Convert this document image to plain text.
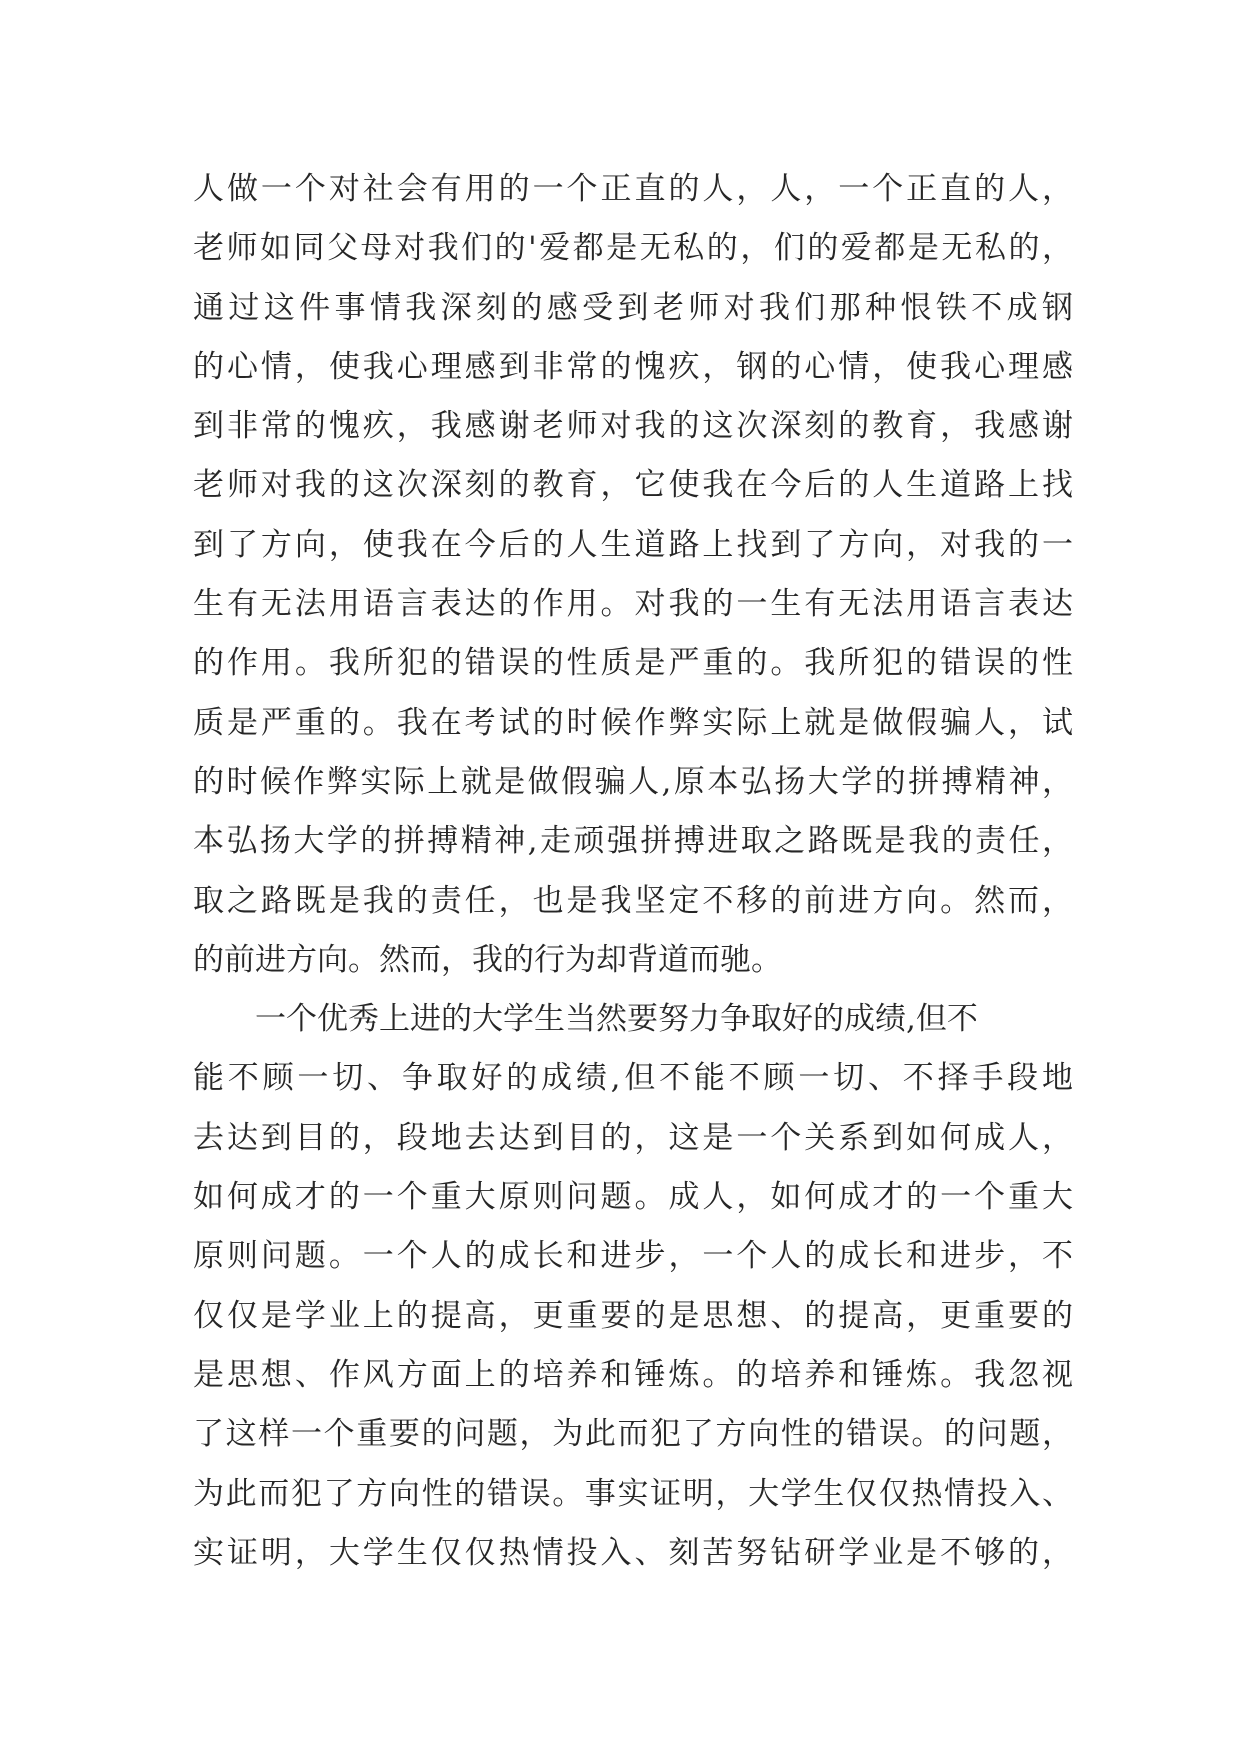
人做一个对社会有用的一个正直的人，人，一个正直的人，
老师如同父母对我们的'爱都是无私的，们的爱都是无私的，
通过这件事情我深刻的感受到老师对我们那种恨铁不成钢
的心情，使我心理感到非常的愧疚，钢的心情，使我心理感
到非常的愧疚，我感谢老师对我的这次深刻的教育，我感谢
老师对我的这次深刻的教育，它使我在今后的人生道路上找
到了方向，使我在今后的人生道路上找到了方向，对我的一
生有无法用语言表达的作用。对我的一生有无法用语言表达
的作用。我所犯的错误的性质是严重的。我所犯的错误的性
质是严重的。我在考试的时候作弊实际上就是做假骗人，试
的时候作弊实际上就是做假骗人,原本弘扬大学的拼搏精神，
本弘扬大学的拼搏精神,走顽强拼搏进取之路既是我的责任，
取之路既是我的责任，也是我坚定不移的前进方向。然而，
的前进方向。然而，我的行为却背道而驰。
一个优秀上进的大学生当然要努力争取好的成绩,但不
能不顾一切、争取好的成绩,但不能不顾一切、不择手段地
去达到目的，段地去达到目的，这是一个关系到如何成人，
如何成才的一个重大原则问题。成人，如何成才的一个重大
原则问题。一个人的成长和进步，一个人的成长和进步，不
仅仅是学业上的提高，更重要的是思想、的提高，更重要的
是思想、作风方面上的培养和锤炼。的培养和锤炼。我忽视
了这样一个重要的问题，为此而犯了方向性的错误。的问题，
为此而犯了方向性的错误。事实证明，大学生仅仅热情投入、
实证明，大学生仅仅热情投入、刻苦努钻研学业是不够的，
